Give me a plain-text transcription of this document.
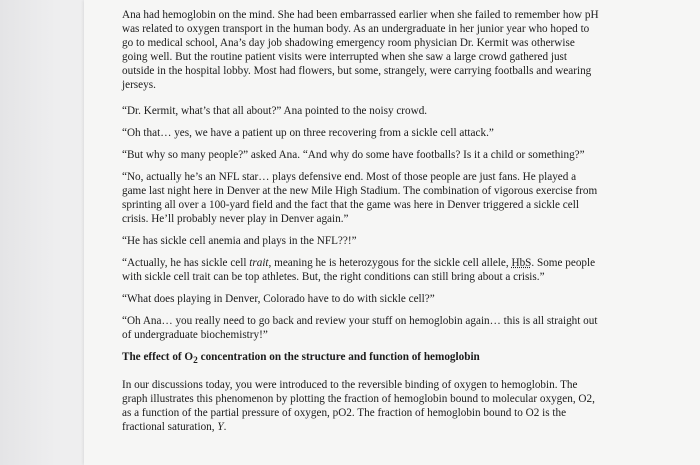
Ana had hemoglobin on the mind. She had been embarrassed earlier when she failed to remember how pH was related to oxygen transport in the human body. As an undergraduate in her junior year who hoped to go to medical school, Ana’s day job shadowing emergency room physician Dr. Kermit was otherwise going well. But the routine patient visits were interrupted when she saw a large crowd gathered just outside in the hospital lobby. Most had flowers, but some, strangely, were carrying footballs and wearing jerseys.

“Dr. Kermit, what’s that all about?” Ana pointed to the noisy crowd.

“Oh that… yes, we have a patient up on three recovering from a sickle cell attack.”

“But why so many people?” asked Ana. “And why do some have footballs? Is it a child or something?”

“No, actually he’s an NFL star… plays defensive end. Most of those people are just fans. He played a game last night here in Denver at the new Mile High Stadium. The combination of vigorous exercise from sprinting all over a 100-yard field and the fact that the game was here in Denver triggered a sickle cell crisis. He’ll probably never play in Denver again.”

“He has sickle cell anemia and plays in the NFL??!”

“Actually, he has sickle cell trait, meaning he is heterozygous for the sickle cell allele, HbS. Some people with sickle cell trait can be top athletes. But, the right conditions can still bring about a crisis.”

“What does playing in Denver, Colorado have to do with sickle cell?”

“Oh Ana… you really need to go back and review your stuff on hemoglobin again… this is all straight out of undergraduate biochemistry!”

The effect of $O_2$ concentration on the structure and function of hemoglobin

In our discussions today, you were introduced to the reversible binding of oxygen to hemoglobin. The graph illustrates this phenomenon by plotting the fraction of hemoglobin bound to molecular oxygen, O2, as a function of the partial pressure of oxygen, pO2. The fraction of hemoglobin bound to O2 is the fractional saturation, Y.
